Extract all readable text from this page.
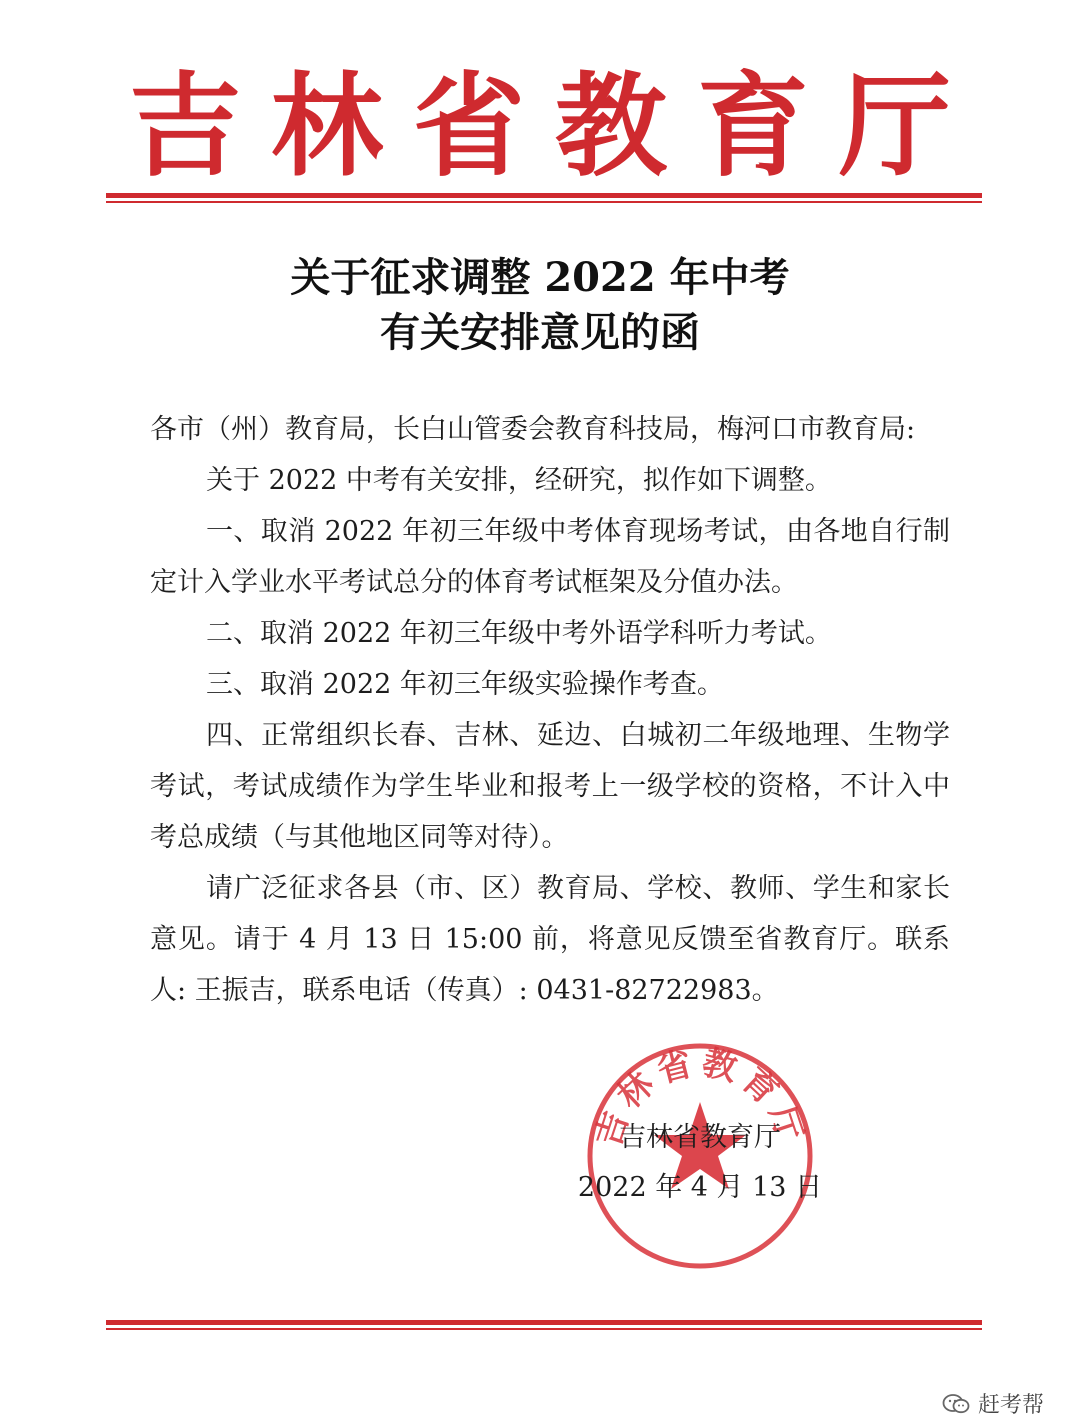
吉林省教育厅
关于征求调整 2022 年中考
有关安排意见的函

各市（州）教育局，长白山管委会教育科技局，梅河口市教育局:

关于 2022 中考有关安排，经研究，拟作如下调整。

一、取消 2022 年初三年级中考体育现场考试，由各地自行制定计入学业水平考试总分的体育考试框架及分值办法。

二、取消 2022 年初三年级中考外语学科听力考试。

三、取消 2022 年初三年级实验操作考查。

四、正常组织长春、吉林、延边、白城初二年级地理、生物学考试，考试成绩作为学生毕业和报考上一级学校的资格，不计入中考总成绩（与其他地区同等对待）。

请广泛征求各县（市、区）教育局、学校、教师、学生和家长意见。请于 4 月 13 日 15:00 前，将意见反馈至省教育厅。联系人: 王振吉，联系电话（传真）: 0431-82722983。

吉林省教育厅
吉林省教育厅
2022 年 4 月 13 日
赶考帮
